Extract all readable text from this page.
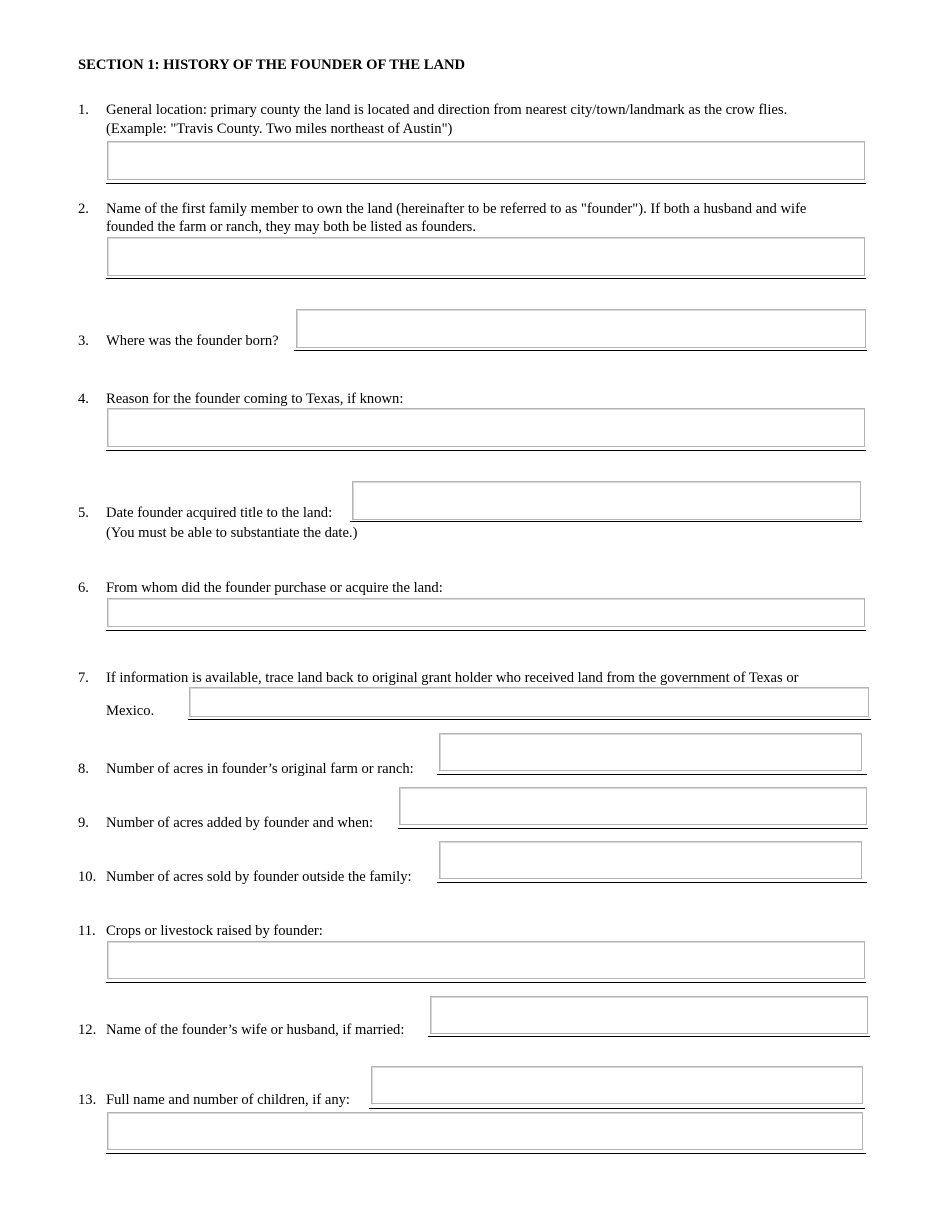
SECTION 1: HISTORY OF THE FOUNDER OF THE LAND
1. General location: primary county the land is located and direction from nearest city/town/landmark as the crow flies.
(Example: "Travis County. Two miles northeast of Austin")
2. Name of the first family member to own the land (hereinafter to be referred to as "founder"). If both a husband and wife
founded the farm or ranch, they may both be listed as founders.
3. Where was the founder born?
4. Reason for the founder coming to Texas, if known:
5. Date founder acquired title to the land:
(You must be able to substantiate the date.)
6. From whom did the founder purchase or acquire the land:
7. If information is available, trace land back to original grant holder who received land from the government of Texas or
Mexico.
8. Number of acres in founder’s original farm or ranch:
9. Number of acres added by founder and when:
10. Number of acres sold by founder outside the family:
11. Crops or livestock raised by founder:
12. Name of the founder’s wife or husband, if married:
13. Full name and number of children, if any:
